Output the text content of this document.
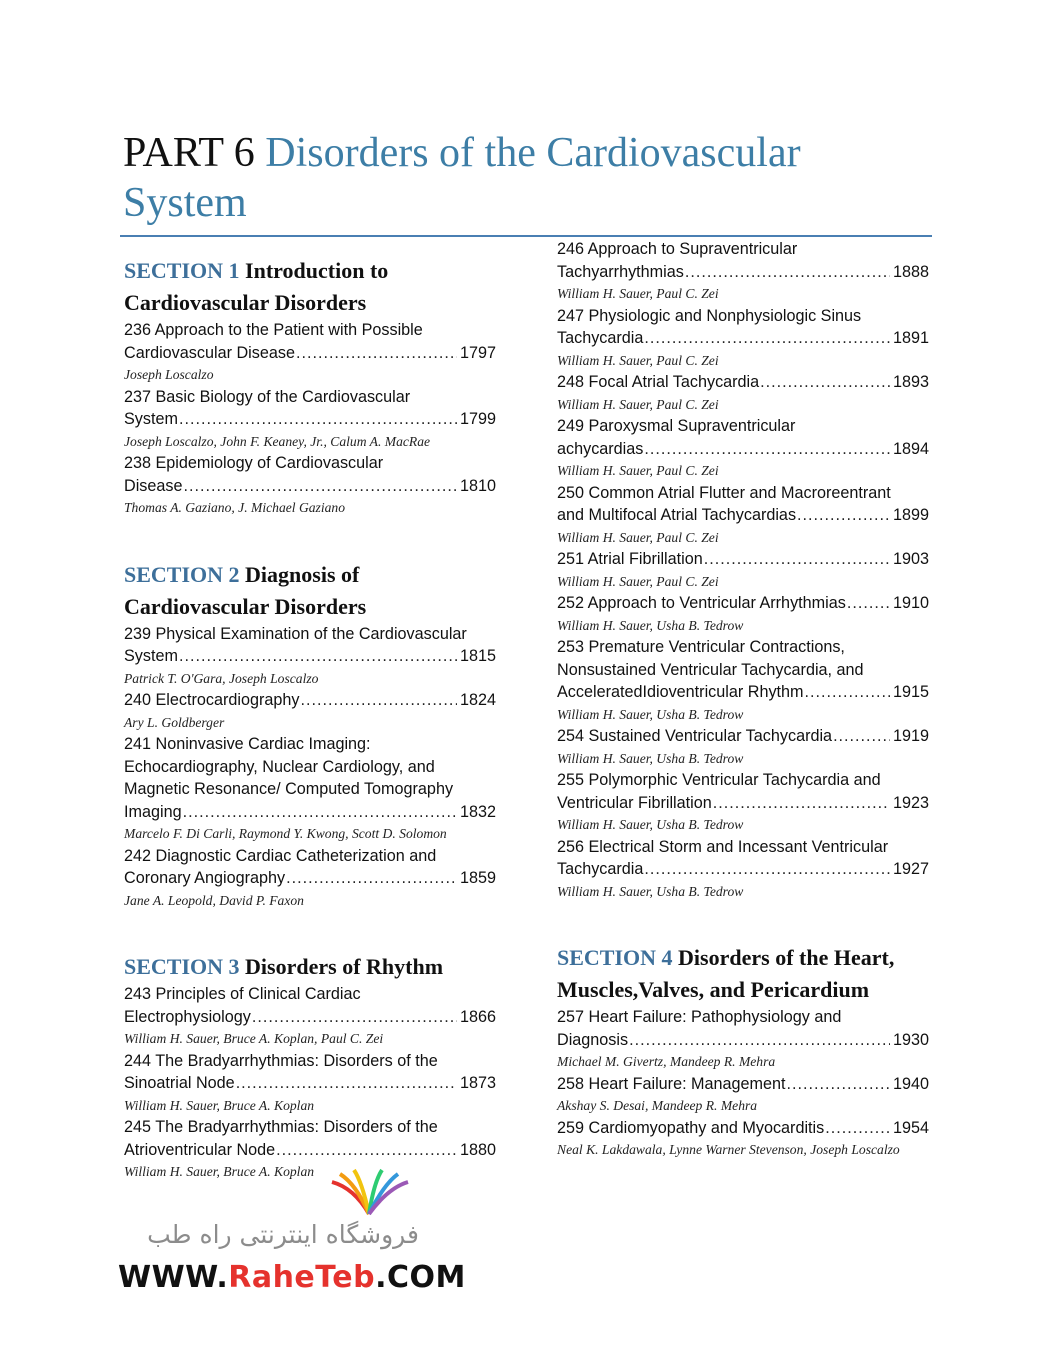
PART 6 Disorders of the Cardiovascular System
SECTION 1 Introduction to Cardiovascular Disorders
236 Approach to the Patient with Possible
Cardiovascular Disease .....	1797
Joseph Loscalzo
237 Basic Biology of the Cardiovascular
System .....	1799
Joseph Loscalzo, John F. Keaney, Jr., Calum A. MacRae
238 Epidemiology of Cardiovascular
Disease .....	1810
Thomas A. Gaziano, J. Michael Gaziano
SECTION 2 Diagnosis of Cardiovascular Disorders
239 Physical Examination of the Cardiovascular
System .....	1815
Patrick T. O'Gara, Joseph Loscalzo
240 Electrocardiography .....	1824
Ary L. Goldberger
241 Noninvasive Cardiac Imaging: Echocardiography, Nuclear Cardiology, and Magnetic Resonance/ Computed Tomography
Imaging .....	1832
Marcelo F. Di Carli, Raymond Y. Kwong, Scott D. Solomon
242 Diagnostic Cardiac Catheterization and
Coronary Angiography .....	1859
Jane A. Leopold, David P. Faxon
SECTION 3 Disorders of Rhythm
243 Principles of Clinical Cardiac
Electrophysiology .....	1866
William H. Sauer, Bruce A. Koplan, Paul C. Zei
244 The Bradyarrhythmias: Disorders of the
Sinoatrial Node .....	1873
William H. Sauer, Bruce A. Koplan
245 The Bradyarrhythmias: Disorders of the
Atrioventricular Node .....	1880
William H. Sauer, Bruce A. Koplan
246 Approach to Supraventricular
Tachyarrhythmias .....	1888
William H. Sauer, Paul C. Zei
247 Physiologic and Nonphysiologic Sinus
Tachycardia .....	1891
William H. Sauer, Paul C. Zei
248 Focal Atrial Tachycardia .....	1893
William H. Sauer, Paul C. Zei
249 Paroxysmal Supraventricular
achycardias .....	1894
William H. Sauer, Paul C. Zei
250 Common Atrial Flutter and Macroreentrant
and Multifocal Atrial Tachycardias .....	1899
William H. Sauer, Paul C. Zei
251 Atrial Fibrillation .....	1903
William H. Sauer, Paul C. Zei
252 Approach to Ventricular Arrhythmias .....	1910
William H. Sauer, Usha B. Tedrow
253 Premature Ventricular Contractions, Nonsustained Ventricular Tachycardia, and
AcceleratedIdioventricular Rhythm .....	1915
William H. Sauer, Usha B. Tedrow
254 Sustained Ventricular Tachycardia .....	1919
William H. Sauer, Usha B. Tedrow
255 Polymorphic Ventricular Tachycardia and
Ventricular Fibrillation .....	1923
William H. Sauer, Usha B. Tedrow
256 Electrical Storm and Incessant Ventricular
Tachycardia .....	1927
William H. Sauer, Usha B. Tedrow
SECTION 4 Disorders of the Heart, Muscles,Valves, and Pericardium
257 Heart Failure: Pathophysiology and
Diagnosis .....	1930
Michael M. Givertz, Mandeep R. Mehra
258 Heart Failure: Management .....	1940
Akshay S. Desai, Mandeep R. Mehra
259 Cardiomyopathy and Myocarditis .....	1954
Neal K. Lakdawala, Lynne Warner Stevenson, Joseph Loscalzo
فروشگاه اینترنتی راه طب
WWW.RaheTeb.COM
